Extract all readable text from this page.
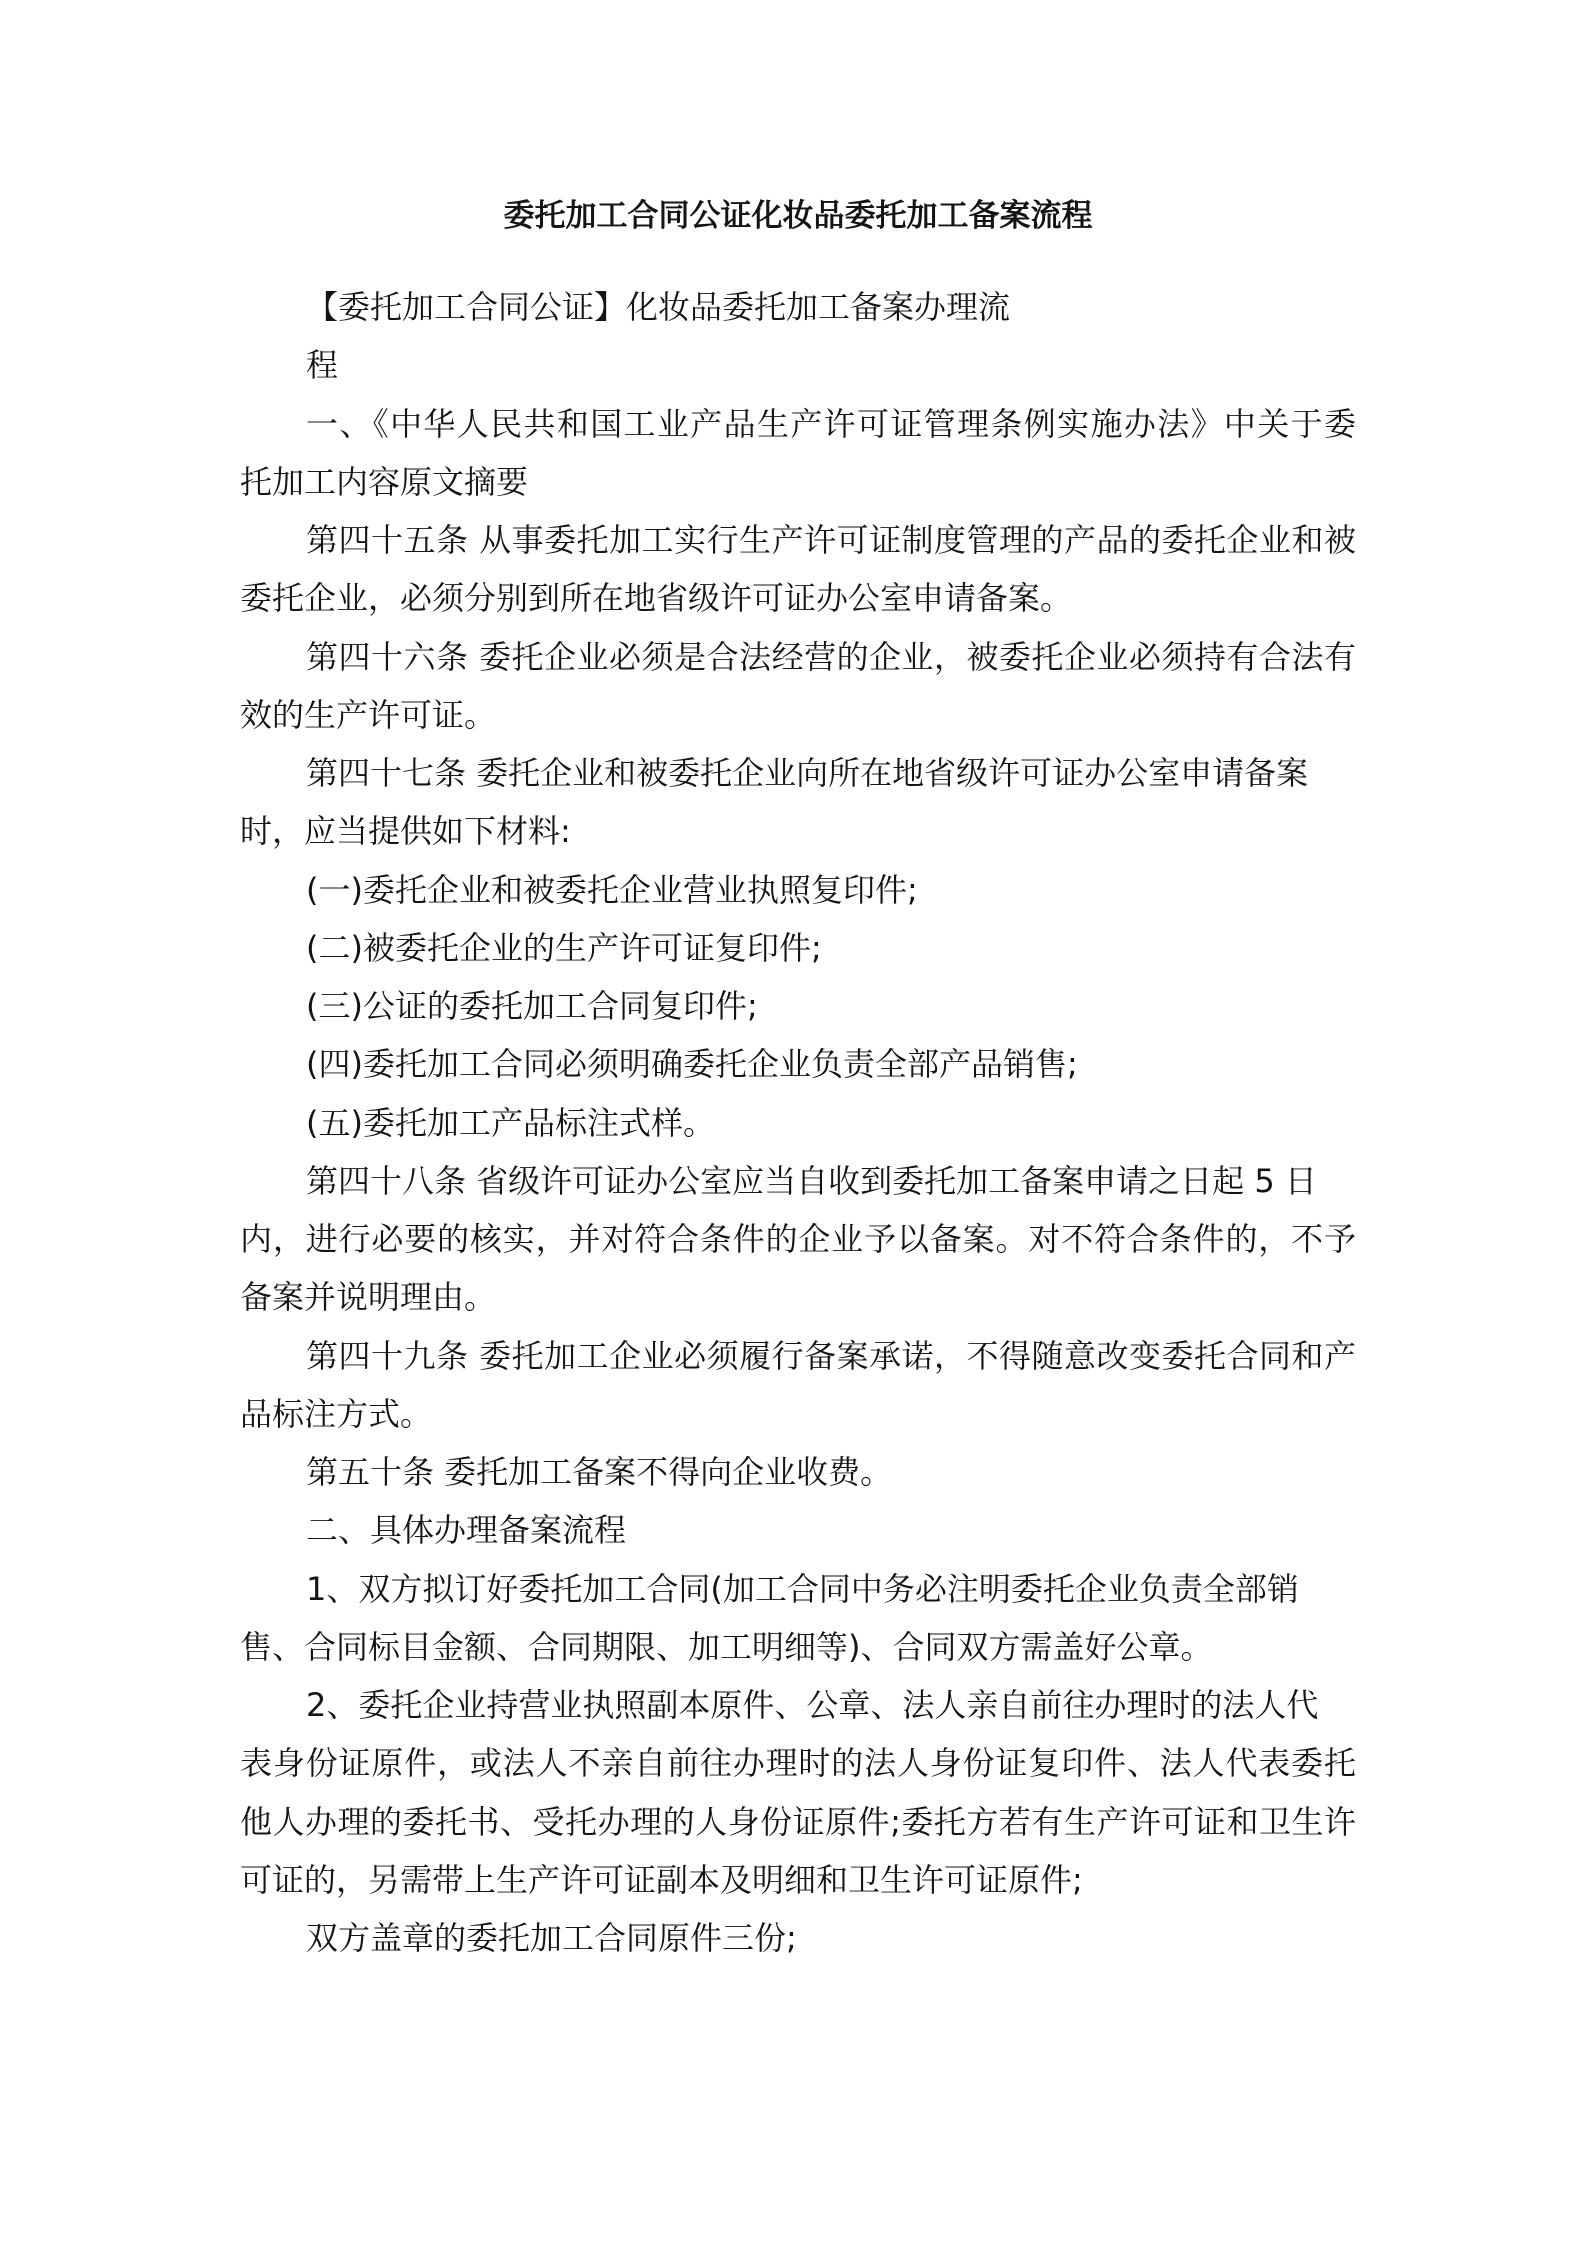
委托加工合同公证化妆品委托加工备案流程
【委托加工合同公证】化妆品委托加工备案办理流
程
一、《中华人民共和国工业产品生产许可证管理条例实施办法》中关于委
托加工内容原文摘要
第四十五条 从事委托加工实行生产许可证制度管理的产品的委托企业和被
委托企业，必须分别到所在地省级许可证办公室申请备案。
第四十六条 委托企业必须是合法经营的企业，被委托企业必须持有合法有
效的生产许可证。
第四十七条 委托企业和被委托企业向所在地省级许可证办公室申请备案
时，应当提供如下材料:
(一)委托企业和被委托企业营业执照复印件;
(二)被委托企业的生产许可证复印件;
(三)公证的委托加工合同复印件;
(四)委托加工合同必须明确委托企业负责全部产品销售;
(五)委托加工产品标注式样。
第四十八条 省级许可证办公室应当自收到委托加工备案申请之日起 5 日
内，进行必要的核实，并对符合条件的企业予以备案。对不符合条件的，不予
备案并说明理由。
第四十九条 委托加工企业必须履行备案承诺，不得随意改变委托合同和产
品标注方式。
第五十条 委托加工备案不得向企业收费。
二、具体办理备案流程
1、双方拟订好委托加工合同(加工合同中务必注明委托企业负责全部销
售、合同标目金额、合同期限、加工明细等)、合同双方需盖好公章。
2、委托企业持营业执照副本原件、公章、法人亲自前往办理时的法人代
表身份证原件，或法人不亲自前往办理时的法人身份证复印件、法人代表委托
他人办理的委托书、受托办理的人身份证原件;委托方若有生产许可证和卫生许
可证的，另需带上生产许可证副本及明细和卫生许可证原件;
双方盖章的委托加工合同原件三份;
